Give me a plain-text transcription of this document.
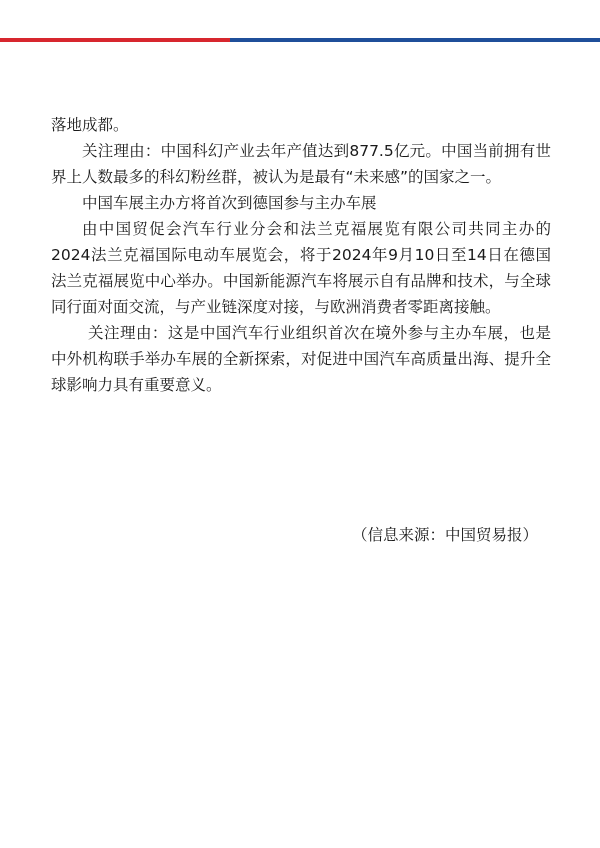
落地成都。

关注理由：中国科幻产业去年产值达到877.5亿元。中国当前拥有世界上人数最多的科幻粉丝群，被认为是最有“未来感”的国家之一。

中国车展主办方将首次到德国参与主办车展

由中国贸促会汽车行业分会和法兰克福展览有限公司共同主办的2024法兰克福国际电动车展览会，将于2024年9月10日至14日在德国法兰克福展览中心举办。中国新能源汽车将展示自有品牌和技术，与全球同行面对面交流，与产业链深度对接，与欧洲消费者零距离接触。

关注理由：这是中国汽车行业组织首次在境外参与主办车展，也是中外机构联手举办车展的全新探索，对促进中国汽车高质量出海、提升全球影响力具有重要意义。

（信息来源：中国贸易报）
